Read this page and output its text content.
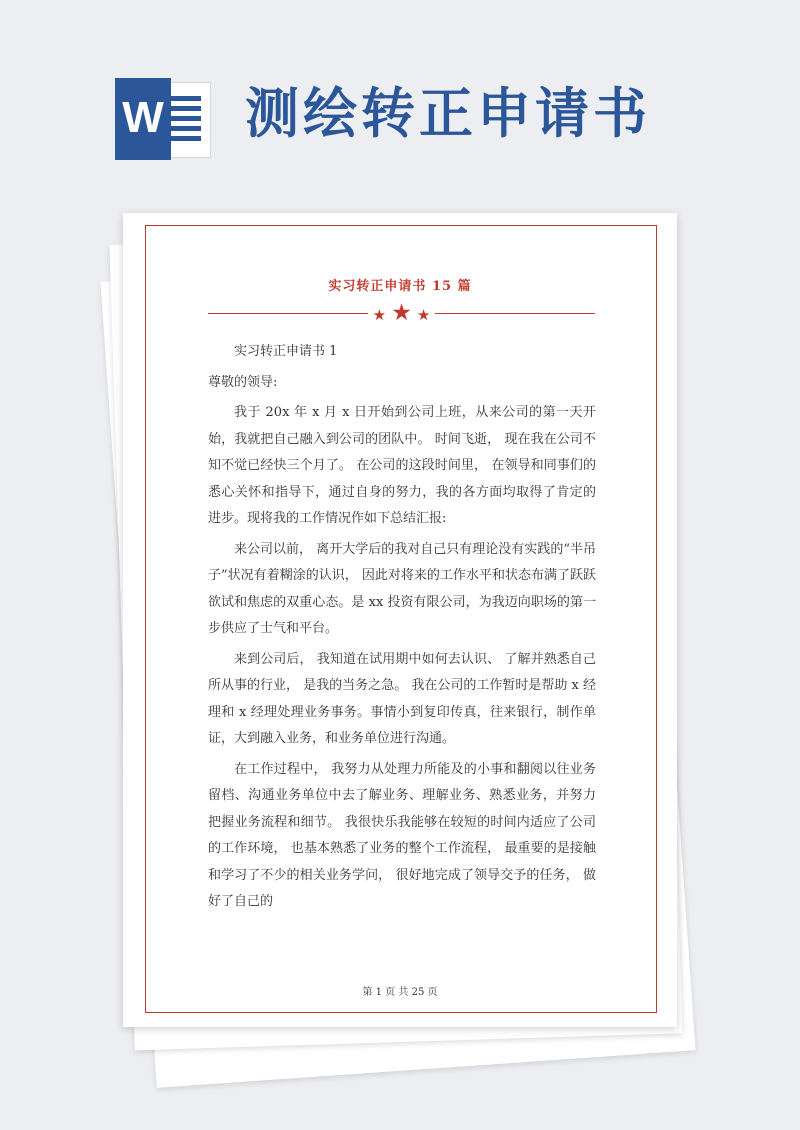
W 测绘转正申请书
实习转正申请书 15 篇
★ ★ ★

实习转正申请书 1

尊敬的领导:

我于 20x 年 x 月 x 日开始到公司上班，从来公司的第一天开始，我就把自己融入到公司的团队中。 时间飞逝， 现在我在公司不知不觉已经快三个月了。 在公司的这段时间里， 在领导和同事们的悉心关怀和指导下，通过自身的努力，我的各方面均取得了肯定的进步。现将我的工作情况作如下总结汇报:

来公司以前， 离开大学后的我对自己只有理论没有实践的“半吊子”状况有着糊涂的认识， 因此对将来的工作水平和状态布满了跃跃欲试和焦虑的双重心态。是 xx 投资有限公司，为我迈向职场的第一步供应了士气和平台。

来到公司后， 我知道在试用期中如何去认识、 了解并熟悉自己所从事的行业， 是我的当务之急。 我在公司的工作暂时是帮助 x 经理和 x 经理处理业务事务。事情小到复印传真，往来银行，制作单证，大到融入业务，和业务单位进行沟通。

在工作过程中， 我努力从处理力所能及的小事和翻阅以往业务留档、沟通业务单位中去了解业务、理解业务、熟悉业务，并努力把握业务流程和细节。 我很快乐我能够在较短的时间内适应了公司的工作环境， 也基本熟悉了业务的整个工作流程， 最重要的是接触和学习了不少的相关业务学问， 很好地完成了领导交予的任务， 做好了自己的

第 1 页 共 25 页
